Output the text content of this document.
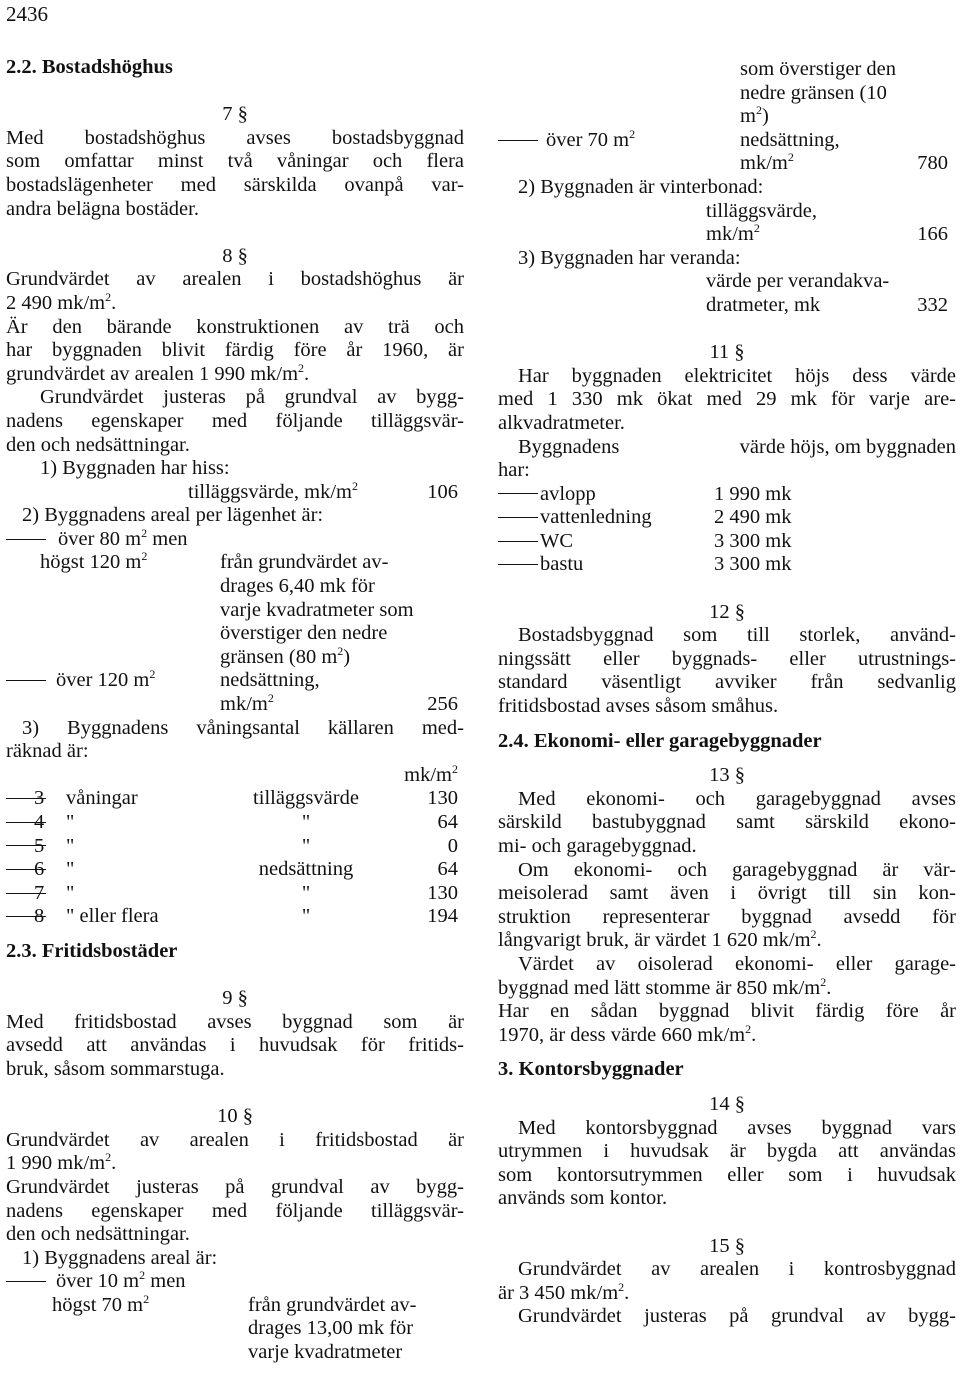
2436
2.2. Bostadshöghus
7 §
Med bostadshöghus avses bostadsbyggnad
som omfattar minst två våningar och flera
bostadslägenheter med särskilda ovanpå var-
andra belägna bostäder.
8 §
Grundvärdet av arealen i bostadshöghus är
2 490 $mk/m^2$.
Är den bärande konstruktionen av trä och
har byggnaden blivit färdig före år 1960, är
grundvärdet av arealen 1 990 $mk/m^2$.
Grundvärdet justeras på grundval av bygg-
nadens egenskaper med följande tilläggsvär-
den och nedsättningar.
1) Byggnaden har hiss:
tilläggsvärde, $mk/m^2$	106
2) Byggnadens areal per lägenhet är:
över 80 $m^2$ men
högst 120 $m^2$	från grundvärdet av-
drages 6,40 mk för
varje kvadratmeter som
överstiger den nedre
gränsen (80 $m^2$)
över 120 $m^2$	nedsättning,
$mk/m^2$	256
3) Byggnadens våningsantal källaren med-
räknad är:
$mk/m^2$
3 våningar	tilläggsvärde	130
4 "	"	64
5 "	"	0
6 "	nedsättning	64
7 "	"	130
8 " eller flera	"	194
2.3. Fritidsbostäder
9 §
Med fritidsbostad avses byggnad som är
avsedd att användas i huvudsak för fritids-
bruk, såsom sommarstuga.
10 §
Grundvärdet av arealen i fritidsbostad är
1 990 $mk/m^2$.
Grundvärdet justeras på grundval av bygg-
nadens egenskaper med följande tilläggsvär-
den och nedsättningar.
1) Byggnadens areal är:
över 10 $m^2$ men
högst 70 $m^2$	från grundvärdet av-
drages 13,00 mk för
varje kvadratmeter
som överstiger den
nedre gränsen (10
$m^2$)
över 70 $m^2$	nedsättning,
$mk/m^2$	780
2) Byggnaden är vinterbonad:
tilläggsvärde,
$mk/m^2$	166
3) Byggnaden har veranda:
värde per verandakva-
dratmeter, mk	332
11 §
Har byggnaden elektricitet höjs dess värde
med 1 330 mk ökat med 29 mk för varje are-
alkvadratmeter.
Byggnadens	värde höjs, om byggnaden
har:
avlopp	1 990 mk
vattenledning	2 490 mk
WC	3 300 mk
bastu	3 300 mk
12 §
Bostadsbyggnad som till storlek, använd-
ningssätt eller byggnads- eller utrustnings-
standard väsentligt avviker från sedvanlig
fritidsbostad avses såsom småhus.
2.4. Ekonomi- eller garagebyggnader
13 §
Med ekonomi- och garagebyggnad avses
särskild bastubyggnad samt särskild ekono-
mi- och garagebyggnad.
Om ekonomi- och garagebyggnad är vär-
meisolerad samt även i övrigt till sin kon-
struktion representerar byggnad avsedd för
långvarigt bruk, är värdet 1 620 $mk/m^2$.
Värdet av oisolerad ekonomi- eller garage-
byggnad med lätt stomme är 850 $mk/m^2$.
Har en sådan byggnad blivit färdig före år
1970, är dess värde 660 $mk/m^2$.
3. Kontorsbyggnader
14 §
Med kontorsbyggnad avses byggnad vars
utrymmen i huvudsak är bygda att användas
som kontorsutrymmen eller som i huvudsak
används som kontor.
15 §
Grundvärdet av arealen i kontrosbyggnad
är 3 450 $mk/m^2$.
Grundvärdet justeras på grundval av bygg-
